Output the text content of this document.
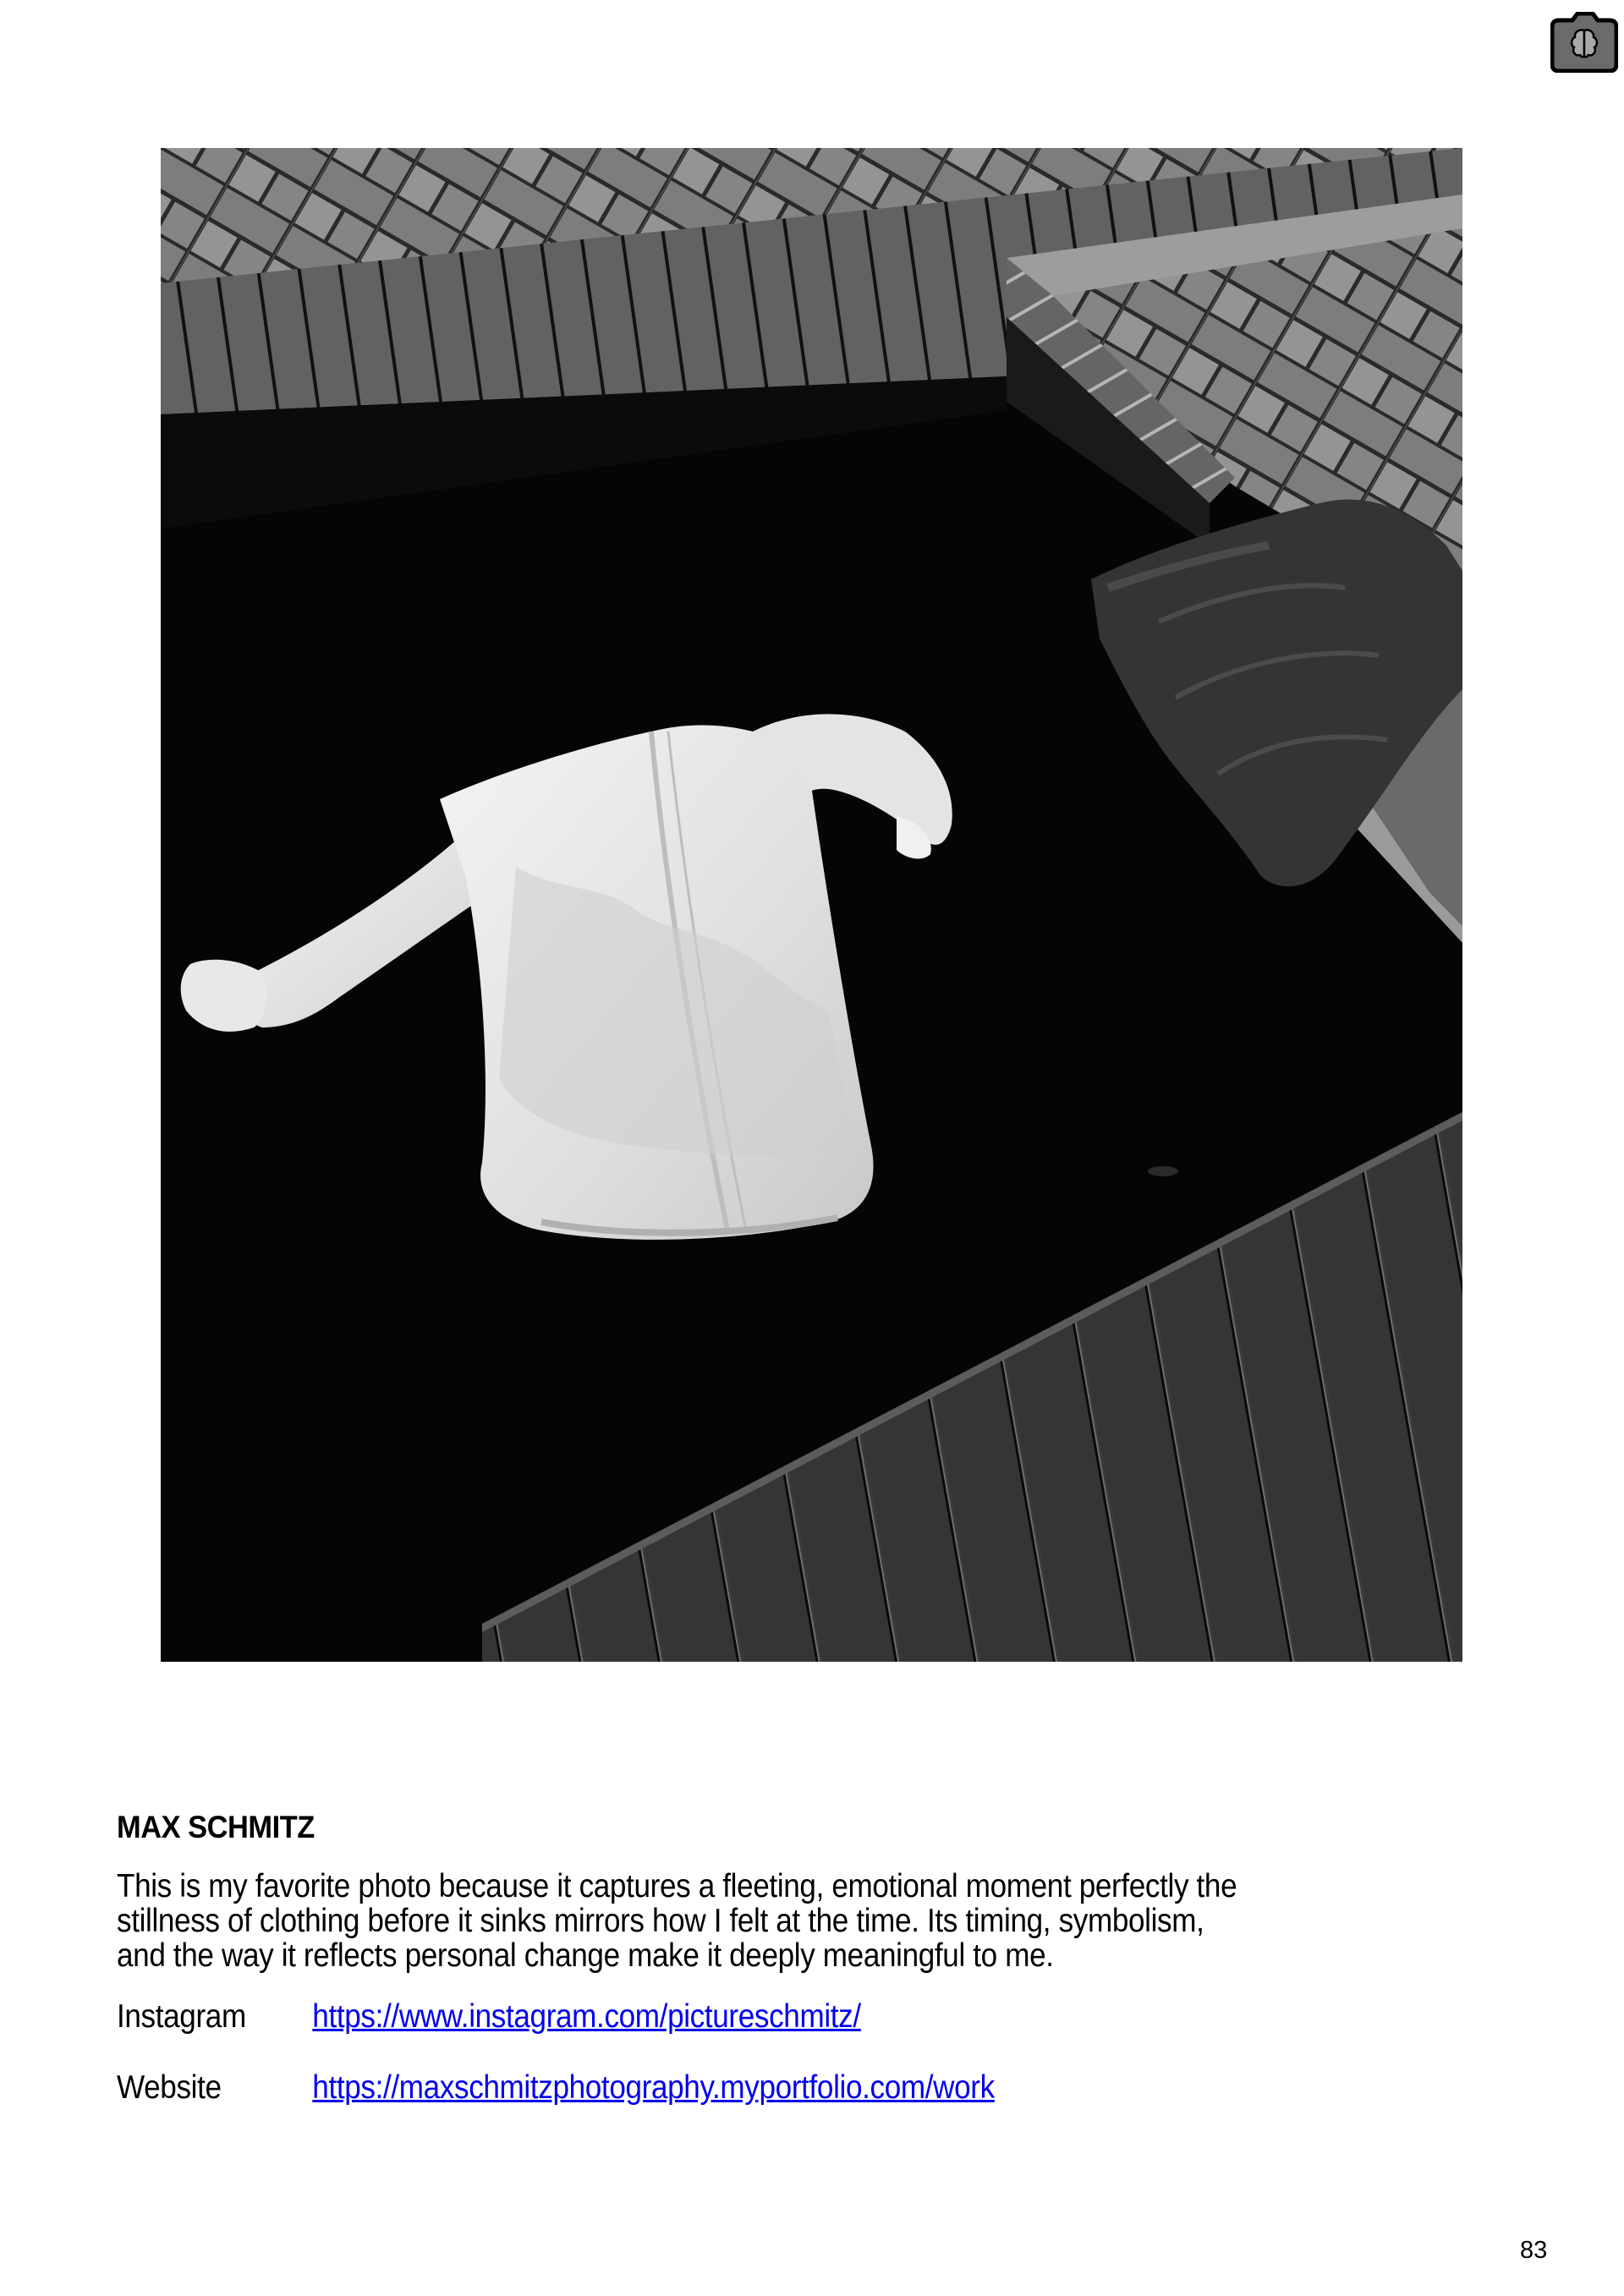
MAX SCHMITZ
This is my favorite photo because it captures a fleeting, emotional moment perfectly the
stillness of clothing before it sinks mirrors how I felt at the time. Its timing, symbolism,
and the way it reflects personal change make it deeply meaningful to me.
Instagram	https://www.instagram.com/pictureschmitz/
Website	https://maxschmitzphotography.myportfolio.com/work
83
